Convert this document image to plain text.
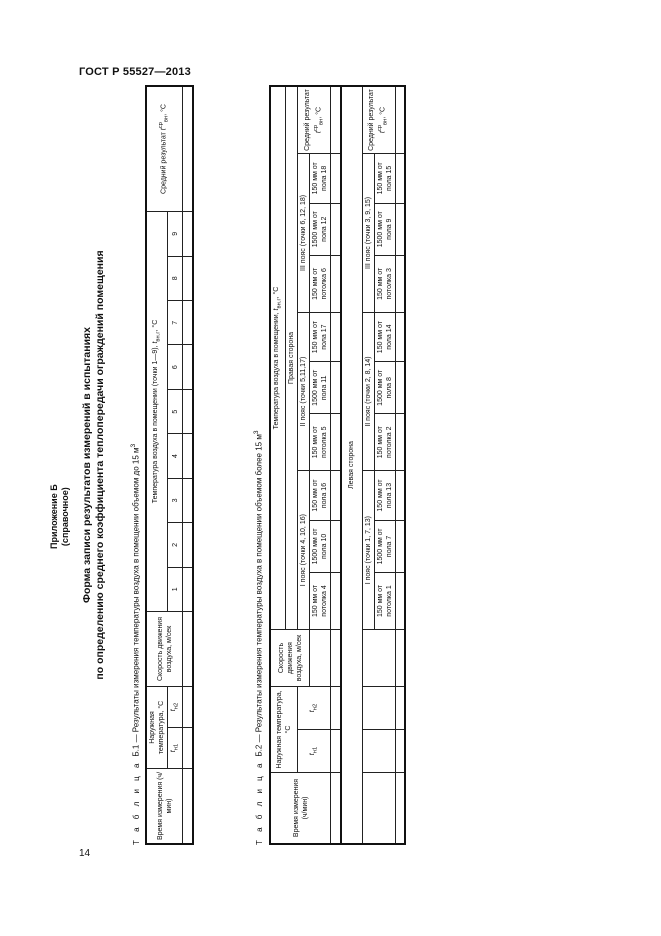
ГОСТ Р 55527—2013
Приложение Б (справочное) Форма записи результатов измерений в испытаниях по определению среднего коэффициента теплопередачи ограждений помещения
Т а б л и ц аБ.1 — Результаты измерения температуры воздуха в помещении объемом до 15 $м^3$
Время измерения (ч/мин)	Наружная температура, °С		Скорость движения воздуха, м/сек	Температура воздуха в помещении (точки 1—9), $t_{вн.г}$, °С									Средний результат $t^{ср}_{вн}$, °С
	$t_{н1}$	$t_{н2}$		1	2	3	4	5	6	7	8	9	

Т а б л и ц аБ.2 — Результаты измерения температуры воздуха в помещении объемом более 15 $м^3$
Время измерения (ч/мин)	Наружная температура, °С		Скорость движения воздуха, м/сек	Температура воздуха в помещении, $t_{вн.г}$, °С									
				Правая сторона									
	$t_{н1}$	$t_{н2}$		I пояс (точки 4, 10, 16)			II пояс (точки 5,11,17)			III пояс (точки 6, 12, 18)			Средний результат $t^{ср}_{вн}$, °С
				150 мм от потолка 4	1500 мм от пола 10	150 мм от пола 16	150 мм от потолка 5	1500 мм от пола 11	150 мм от пола 17	150 мм от потолка 6	1500 мм от пола 12	150 мм от пола 18	

Левая сторона													
				I пояс (точки 1, 7, 13)			II пояс (точки 2, 8, 14)			III пояс (точки 3, 9, 15)			Средний результат $t^{ср}_{вн}$, °С
				150 мм от потолка 1	1500 мм от пола 7	150 мм от пола 13	150 мм от потолка 2	1500 мм от пола 8	150 мм от пола 14	150 мм от потолка 3	1500 мм от пола 9	150 мм от пола 15	

14
